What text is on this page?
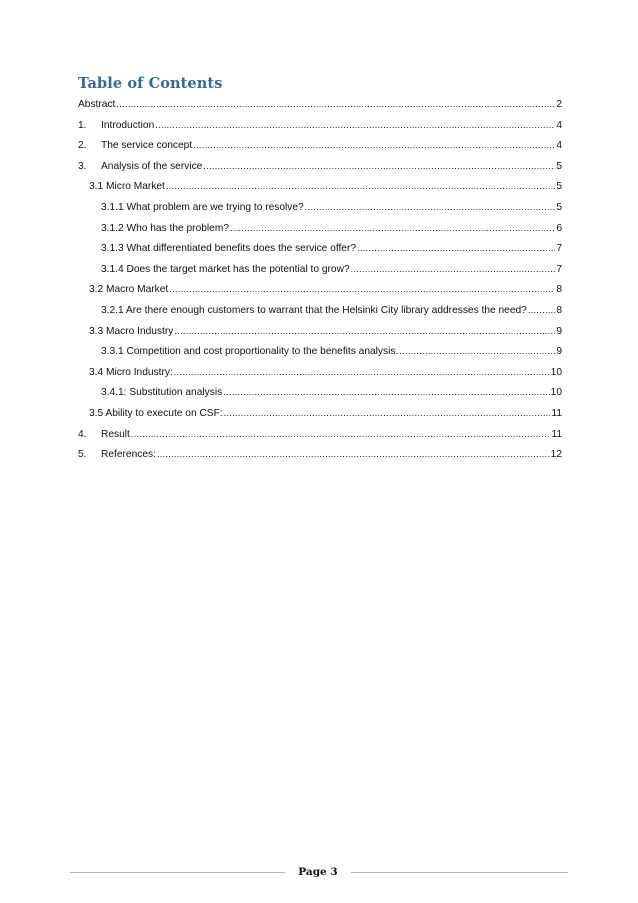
Table of Contents
Abstract .....	2
1.	Introduction .....	4
2.	The service concept .....	4
3.	Analysis of the service .....	5
3.1 Micro Market .....	5
3.1.1 What problem are we trying to resolve? .....	5
3.1.2 Who has the problem? .....	6
3.1.3 What differentiated benefits does the service offer? .....	7
3.1.4 Does the target market has the potential to grow? .....	7
3.2 Macro Market .....	8
3.2.1 Are there enough customers to warrant that the Helsinki City library addresses the need? .....	8
3.3 Macro Industry .....	9
3.3.1 Competition and cost proportionality to the benefits analysis. .....	9
3.4 Micro Industry: .....	10
3.4.1: Substitution analysis .....	10
3.5 Ability to execute on CSF: .....	11
4.	Result .....	11
5.	References: .....	12
Page 3
